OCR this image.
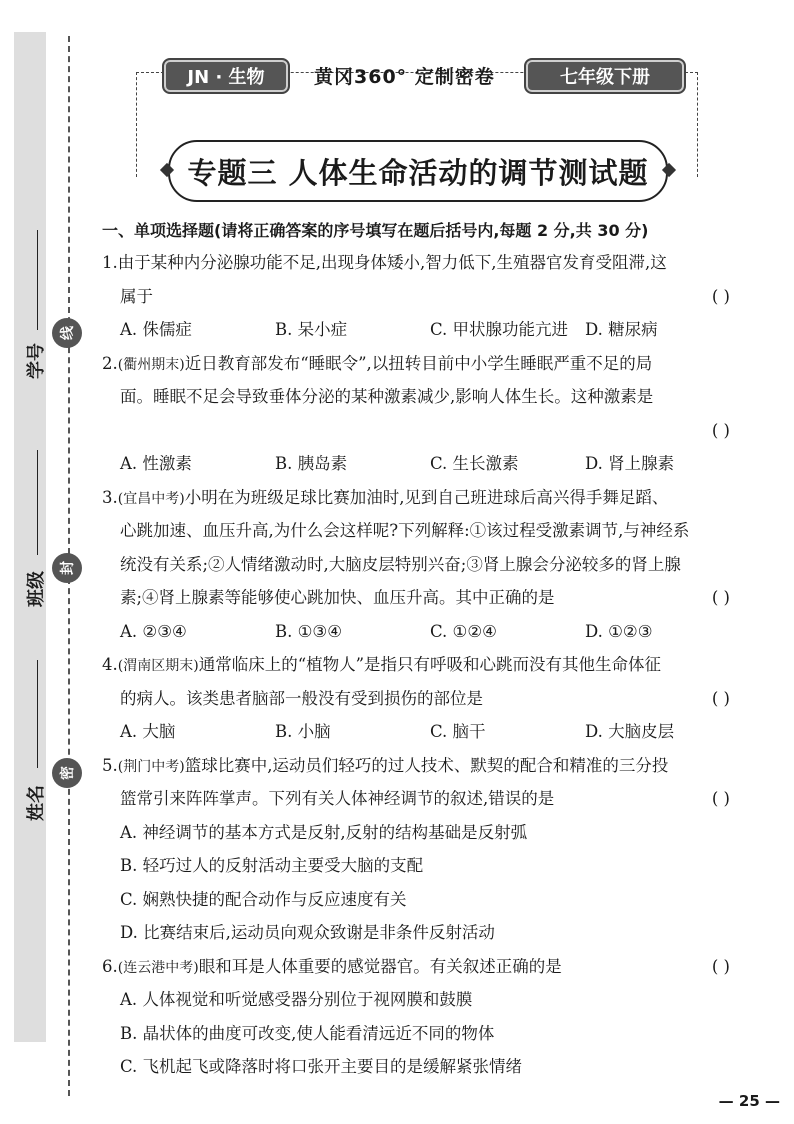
学号
班级
姓名
线
封
密
JN · 生物	黄冈360° 定制密卷	七年级下册
专题三 人体生命活动的调节测试题
一、单项选择题(请将正确答案的序号填写在题后括号内,每题 2 分,共 30 分)
1.由于某种内分泌腺功能不足,出现身体矮小,智力低下,生殖器官发育受阻滞,这
属于	( )
A. 侏儒症	B. 呆小症	C. 甲状腺功能亢进	D. 糖尿病
2.(衢州期末)近日教育部发布“睡眠令”,以扭转目前中小学生睡眠严重不足的局
面。睡眠不足会导致垂体分泌的某种激素减少,影响人体生长。这种激素是
( )
A. 性激素	B. 胰岛素	C. 生长激素	D. 肾上腺素
3.(宜昌中考)小明在为班级足球比赛加油时,见到自己班进球后高兴得手舞足蹈、
心跳加速、血压升高,为什么会这样呢?下列解释:①该过程受激素调节,与神经系
统没有关系;②人情绪激动时,大脑皮层特别兴奋;③肾上腺会分泌较多的肾上腺
素;④肾上腺素等能够使心跳加快、血压升高。其中正确的是	( )
A. ②③④	B. ①③④	C. ①②④	D. ①②③
4.(渭南区期末)通常临床上的“植物人”是指只有呼吸和心跳而没有其他生命体征
的病人。该类患者脑部一般没有受到损伤的部位是	( )
A. 大脑	B. 小脑	C. 脑干	D. 大脑皮层
5.(荆门中考)篮球比赛中,运动员们轻巧的过人技术、默契的配合和精准的三分投
篮常引来阵阵掌声。下列有关人体神经调节的叙述,错误的是	( )
A. 神经调节的基本方式是反射,反射的结构基础是反射弧
B. 轻巧过人的反射活动主要受大脑的支配
C. 娴熟快捷的配合动作与反应速度有关
D. 比赛结束后,运动员向观众致谢是非条件反射活动
6.(连云港中考)眼和耳是人体重要的感觉器官。有关叙述正确的是	( )
A. 人体视觉和听觉感受器分别位于视网膜和鼓膜
B. 晶状体的曲度可改变,使人能看清远近不同的物体
C. 飞机起飞或降落时将口张开主要目的是缓解紧张情绪
— 25 —
